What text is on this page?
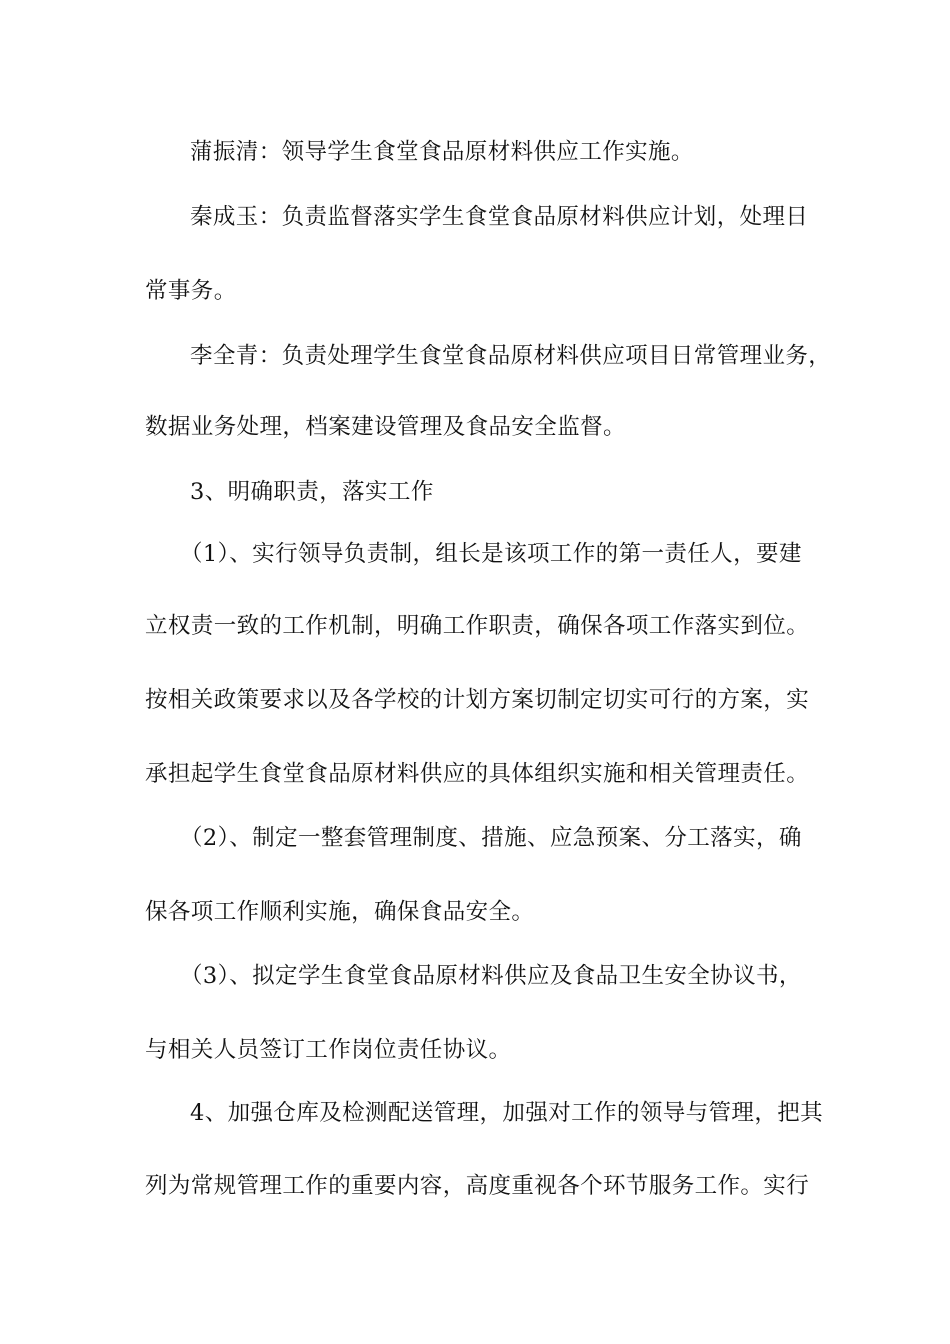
蒲振清：领导学生食堂食品原材料供应工作实施。
秦成玉：负责监督落实学生食堂食品原材料供应计划，处理日
常事务。
李全青：负责处理学生食堂食品原材料供应项目日常管理业务，
数据业务处理，档案建设管理及食品安全监督。
3、明确职责，落实工作
（1）、实行领导负责制，组长是该项工作的第一责任人，要建
立权责一致的工作机制，明确工作职责，确保各项工作落实到位。
按相关政策要求以及各学校的计划方案切制定切实可行的方案，实
承担起学生食堂食品原材料供应的具体组织实施和相关管理责任。
（2）、制定一整套管理制度、措施、应急预案、分工落实，确
保各项工作顺利实施，确保食品安全。
（3）、拟定学生食堂食品原材料供应及食品卫生安全协议书，
与相关人员签订工作岗位责任协议。
4、加强仓库及检测配送管理，加强对工作的领导与管理，把其
列为常规管理工作的重要内容，高度重视各个环节服务工作。实行
